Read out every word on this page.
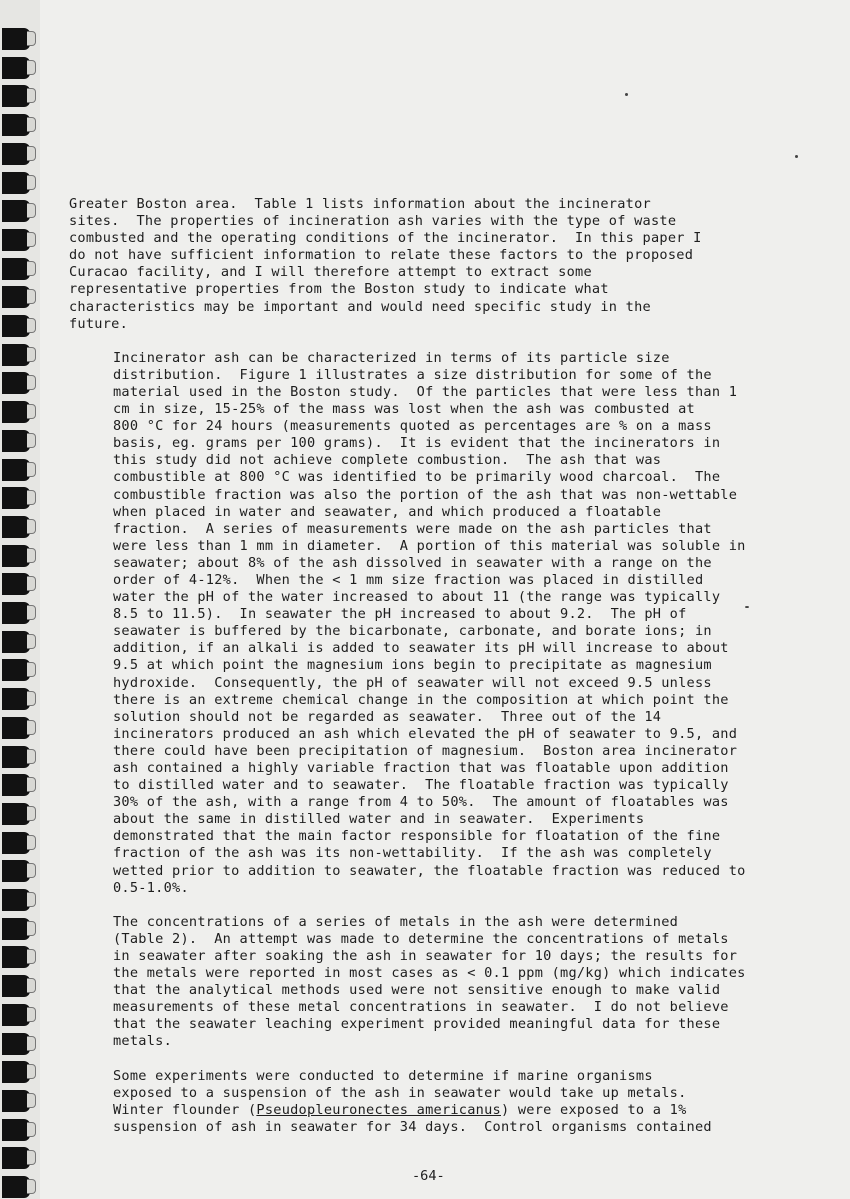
Greater Boston area.  Table 1 lists information about the incinerator
sites.  The properties of incineration ash varies with the type of waste
combusted and the operating conditions of the incinerator.  In this paper I
do not have sufficient information to relate these factors to the proposed
Curacao facility, and I will therefore attempt to extract some
representative properties from the Boston study to indicate what
characteristics may be important and would need specific study in the
future.
Incinerator ash can be characterized in terms of its particle size
distribution.  Figure 1 illustrates a size distribution for some of the
material used in the Boston study.  Of the particles that were less than 1
cm in size, 15-25% of the mass was lost when the ash was combusted at
800 °C for 24 hours (measurements quoted as percentages are % on a mass
basis, eg. grams per 100 grams).  It is evident that the incinerators in
this study did not achieve complete combustion.  The ash that was
combustible at 800 °C was identified to be primarily wood charcoal.  The
combustible fraction was also the portion of the ash that was non-wettable
when placed in water and seawater, and which produced a floatable
fraction.  A series of measurements were made on the ash particles that
were less than 1 mm in diameter.  A portion of this material was soluble in
seawater; about 8% of the ash dissolved in seawater with a range on the
order of 4-12%.  When the < 1 mm size fraction was placed in distilled
water the pH of the water increased to about 11 (the range was typically
8.5 to 11.5).  In seawater the pH increased to about 9.2.  The pH of
seawater is buffered by the bicarbonate, carbonate, and borate ions; in
addition, if an alkali is added to seawater its pH will increase to about
9.5 at which point the magnesium ions begin to precipitate as magnesium
hydroxide.  Consequently, the pH of seawater will not exceed 9.5 unless
there is an extreme chemical change in the composition at which point the
solution should not be regarded as seawater.  Three out of the 14
incinerators produced an ash which elevated the pH of seawater to 9.5, and
there could have been precipitation of magnesium.  Boston area incinerator
ash contained a highly variable fraction that was floatable upon addition
to distilled water and to seawater.  The floatable fraction was typically
30% of the ash, with a range from 4 to 50%.  The amount of floatables was
about the same in distilled water and in seawater.  Experiments
demonstrated that the main factor responsible for floatation of the fine
fraction of the ash was its non-wettability.  If the ash was completely
wetted prior to addition to seawater, the floatable fraction was reduced to
0.5-1.0%.
The concentrations of a series of metals in the ash were determined
(Table 2).  An attempt was made to determine the concentrations of metals
in seawater after soaking the ash in seawater for 10 days; the results for
the metals were reported in most cases as < 0.1 ppm (mg/kg) which indicates
that the analytical methods used were not sensitive enough to make valid
measurements of these metal concentrations in seawater.  I do not believe
that the seawater leaching experiment provided meaningful data for these
metals.
Some experiments were conducted to determine if marine organisms
exposed to a suspension of the ash in seawater would take up metals.
Winter flounder (Pseudopleuronectes americanus) were exposed to a 1%
suspension of ash in seawater for 34 days.  Control organisms contained
-64-
